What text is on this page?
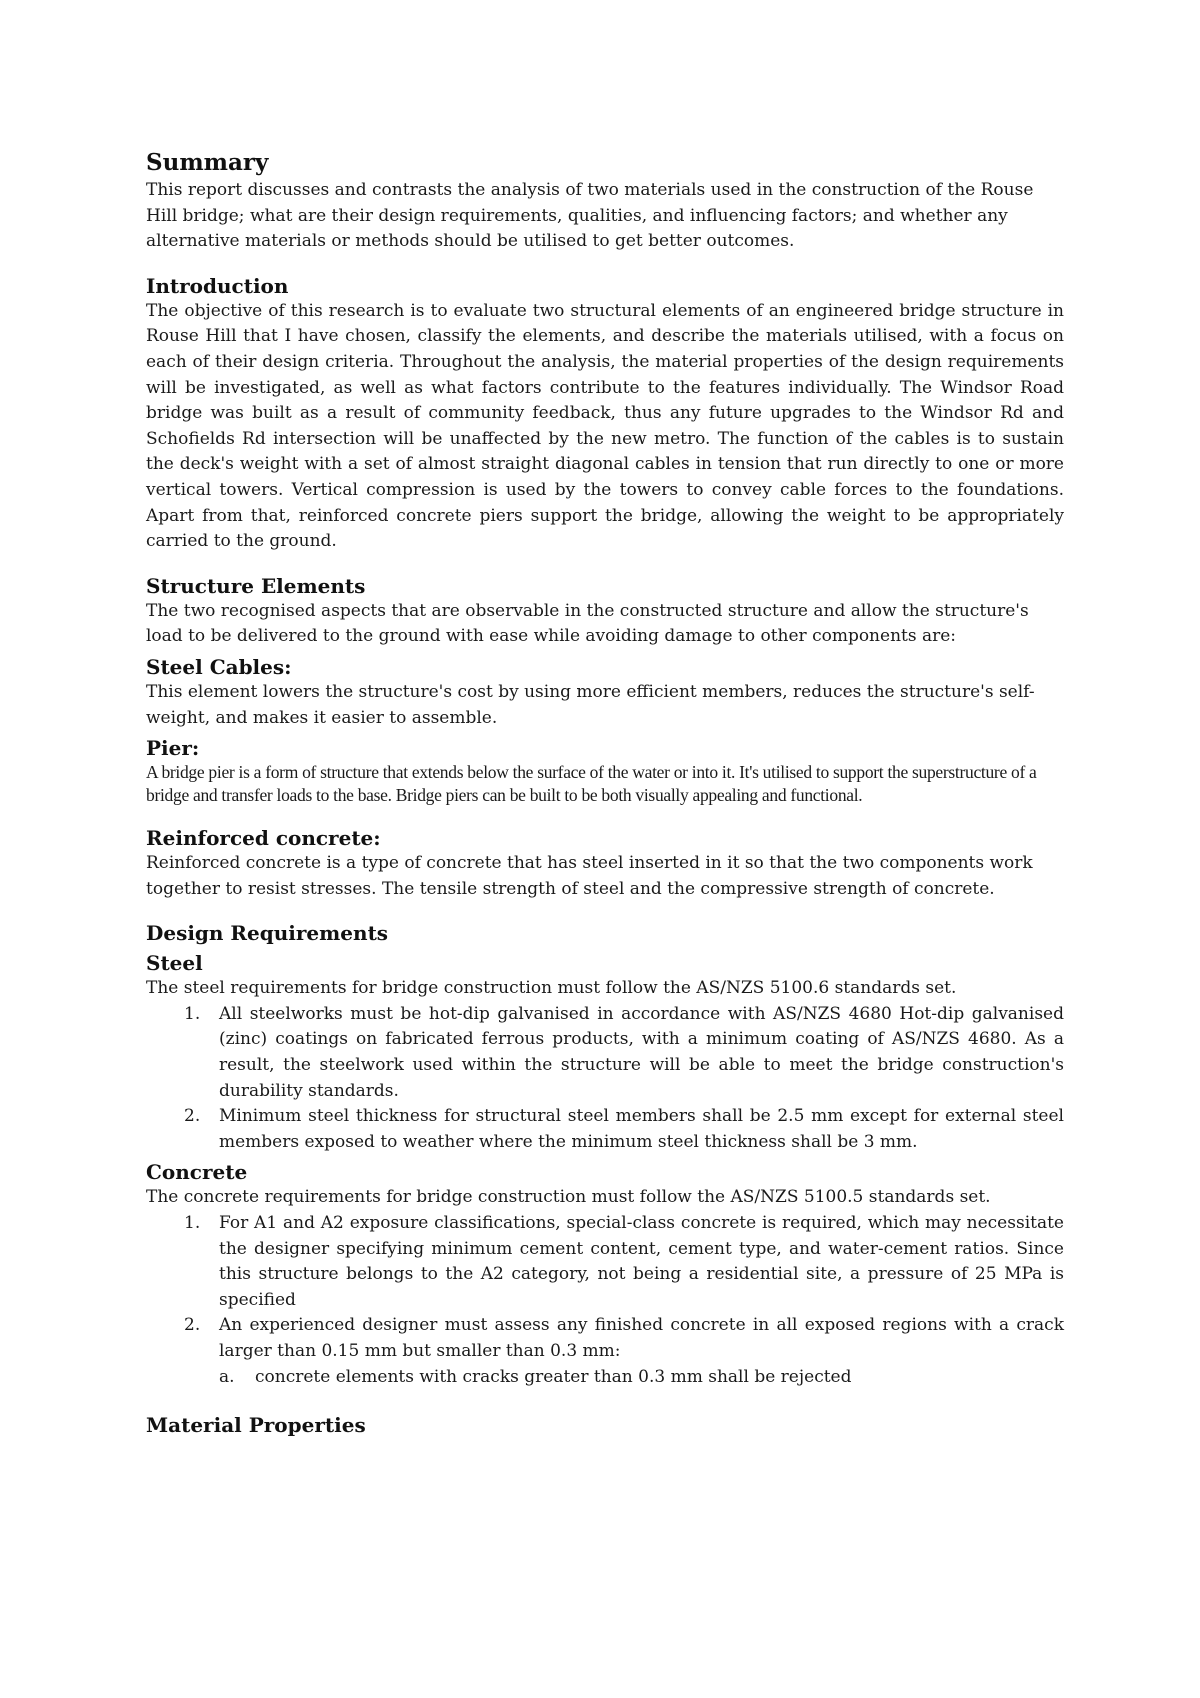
Summary

This report discusses and contrasts the analysis of two materials used in the construction of the Rouse Hill bridge; what are their design requirements, qualities, and influencing factors; and whether any alternative materials or methods should be utilised to get better outcomes.

Introduction

The objective of this research is to evaluate two structural elements of an engineered bridge structure in Rouse Hill that I have chosen, classify the elements, and describe the materials utilised, with a focus on each of their design criteria. Throughout the analysis, the material properties of the design requirements will be investigated, as well as what factors contribute to the features individually. The Windsor Road bridge was built as a result of community feedback, thus any future upgrades to the Windsor Rd and Schofields Rd intersection will be unaffected by the new metro. The function of the cables is to sustain the deck's weight with a set of almost straight diagonal cables in tension that run directly to one or more vertical towers. Vertical compression is used by the towers to convey cable forces to the foundations. Apart from that, reinforced concrete piers support the bridge, allowing the weight to be appropriately carried to the ground.

Structure Elements

The two recognised aspects that are observable in the constructed structure and allow the structure's load to be delivered to the ground with ease while avoiding damage to other components are:

Steel Cables:

This element lowers the structure's cost by using more efficient members, reduces the structure's self-weight, and makes it easier to assemble.

Pier:

A bridge pier is a form of structure that extends below the surface of the water or into it. It's utilised to support the superstructure of a bridge and transfer loads to the base. Bridge piers can be built to be both visually appealing and functional.

Reinforced concrete:

Reinforced concrete is a type of concrete that has steel inserted in it so that the two components work together to resist stresses. The tensile strength of steel and the compressive strength of concrete.

Design Requirements
Steel

The steel requirements for bridge construction must follow the AS/NZS 5100.6 standards set.

1. All steelworks must be hot-dip galvanised in accordance with AS/NZS 4680 Hot-dip galvanised (zinc) coatings on fabricated ferrous products, with a minimum coating of AS/NZS 4680. As a result, the steelwork used within the structure will be able to meet the bridge construction's durability standards.
2. Minimum steel thickness for structural steel members shall be 2.5 mm except for external steel members exposed to weather where the minimum steel thickness shall be 3 mm.
Concrete

The concrete requirements for bridge construction must follow the AS/NZS 5100.5 standards set.

1. For A1 and A2 exposure classifications, special-class concrete is required, which may necessitate the designer specifying minimum cement content, cement type, and water-cement ratios. Since this structure belongs to the A2 category, not being a residential site, a pressure of 25 MPa is specified
2. An experienced designer must assess any finished concrete in all exposed regions with a crack larger than 0.15 mm but smaller than 0.3 mm:
a. concrete elements with cracks greater than 0.3 mm shall be rejected
Material Properties
